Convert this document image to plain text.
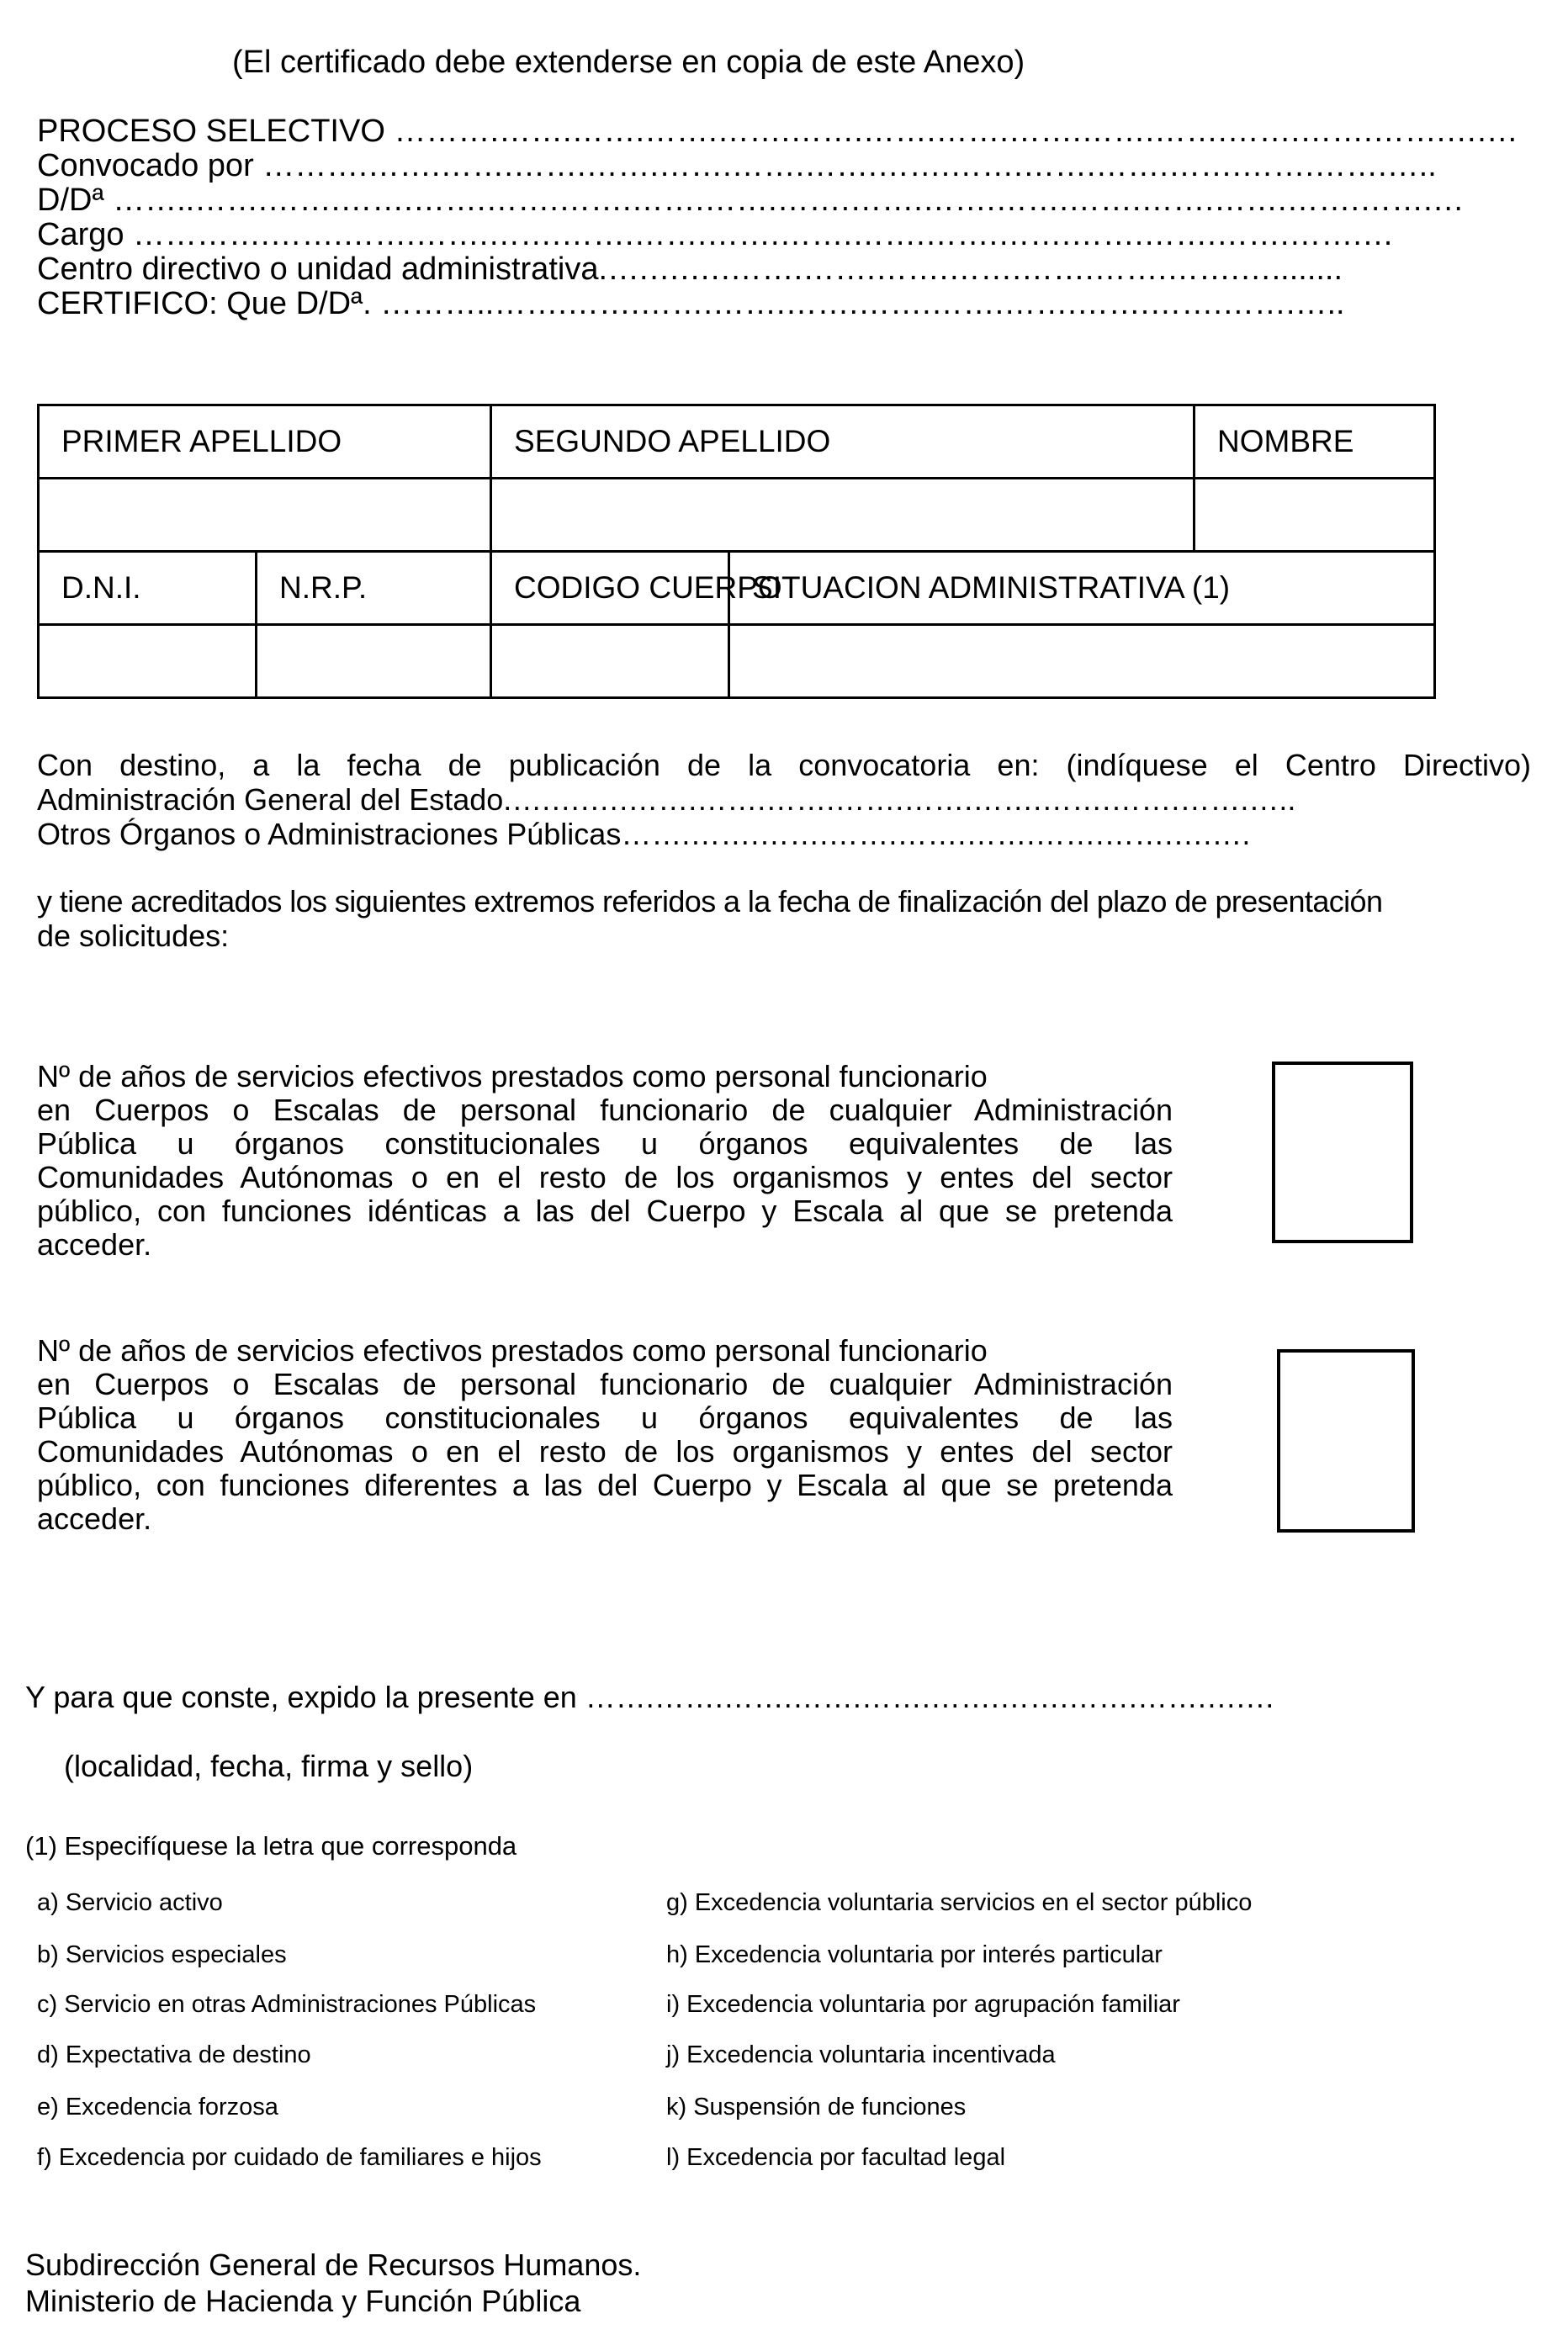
(El certificado debe extenderse en copia de este Anexo)
PROCESO SELECTIVO ……….…….…….…….…….…….…….…….…….…….…….…….…….…….….…
Convocado por ……….…….…….…….…….…….…….…….…….…….…….…….…….…….…….…..
D/Dª ……..…….…….…….…….…….…….…….…….…….…….…….…….…….…….…….…….…….…
Cargo ………….…….…….…….…….…….…….…….…….…….…….…….…….…….…….…….…
Centro directivo o unidad administrativa.….….….…….…….…….…….…….…….…….…........
CERTIFICO: Que D/Dª. ………..…….…….…….…….…….…….…….…….…….…….…….…..
PRIMER APELLIDO		SEGUNDO APELLIDO		NOMBRE

D.N.I.	N.R.P.	CODIGO CUERPO	SITUACION ADMINISTRATIVA (1)	

Con destino, a la fecha de publicación de la convocatoria en: (indíquese el Centro Directivo)
Administración General del Estado.….….….…….…….…….…….…….…….…….…….…….…..
Otros Órganos o Administraciones Públicas…….…….…….…….…….…….…….…….….….
y tiene acreditados los siguientes extremos referidos a la fecha de finalización del plazo de presentación
de solicitudes:
Nº de años de servicios efectivos prestados como personal funcionario
en Cuerpos o Escalas de personal funcionario de cualquier Administración
Pública u órganos constitucionales u órganos equivalentes de las
Comunidades Autónomas o en el resto de los organismos y entes del sector
público, con funciones idénticas a las del Cuerpo y Escala al que se pretenda
acceder.
Nº de años de servicios efectivos prestados como personal funcionario
en Cuerpos o Escalas de personal funcionario de cualquier Administración
Pública u órganos constitucionales u órganos equivalentes de las
Comunidades Autónomas o en el resto de los organismos y entes del sector
público, con funciones diferentes a las del Cuerpo y Escala al que se pretenda
acceder.
Y para que conste, expido la presente en …….…….…….…….…….…….…….…….…….….…
(localidad, fecha, firma y sello)
(1) Especifíquese la letra que corresponda
a) Servicio activo
b) Servicios especiales
c) Servicio en otras Administraciones Públicas
d) Expectativa de destino
e) Excedencia forzosa
f) Excedencia por cuidado de familiares e hijos
g) Excedencia voluntaria servicios en el sector público
h) Excedencia voluntaria por interés particular
i) Excedencia voluntaria por agrupación familiar
j) Excedencia voluntaria incentivada
k) Suspensión de funciones
l) Excedencia por facultad legal
Subdirección General de Recursos Humanos.
Ministerio de Hacienda y Función Pública
